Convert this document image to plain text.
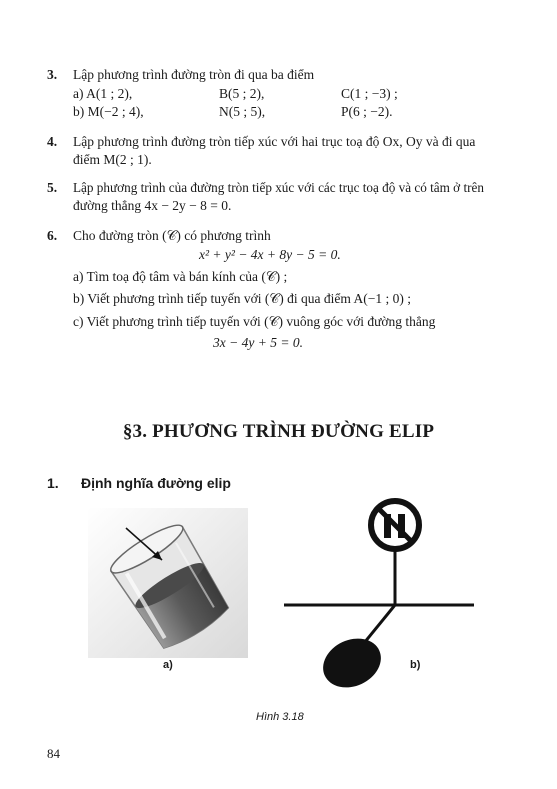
3. Lập phương trình đường tròn đi qua ba điểm
a) A(1 ; 2),	B(5 ; 2),	C(1 ; −3) ;
b) M(−2 ; 4),	N(5 ; 5),	P(6 ; −2).
4. Lập phương trình đường tròn tiếp xúc với hai trục toạ độ Ox, Oy và đi qua
điểm M(2 ; 1).
5. Lập phương trình của đường tròn tiếp xúc với các trục toạ độ và có tâm ở trên
đường thẳng 4x − 2y − 8 = 0.
6. Cho đường tròn (𝒞) có phương trình
x² + y² − 4x + 8y − 5 = 0.
a) Tìm toạ độ tâm và bán kính của (𝒞) ;
b) Viết phương trình tiếp tuyến với (𝒞) đi qua điểm A(−1 ; 0) ;
c) Viết phương trình tiếp tuyến với (𝒞) vuông góc với đường thẳng
3x − 4y + 5 = 0.
§3. PHƯƠNG TRÌNH ĐƯỜNG ELIP
1. Định nghĩa đường elip
a)	b)
Hình 3.18
84
